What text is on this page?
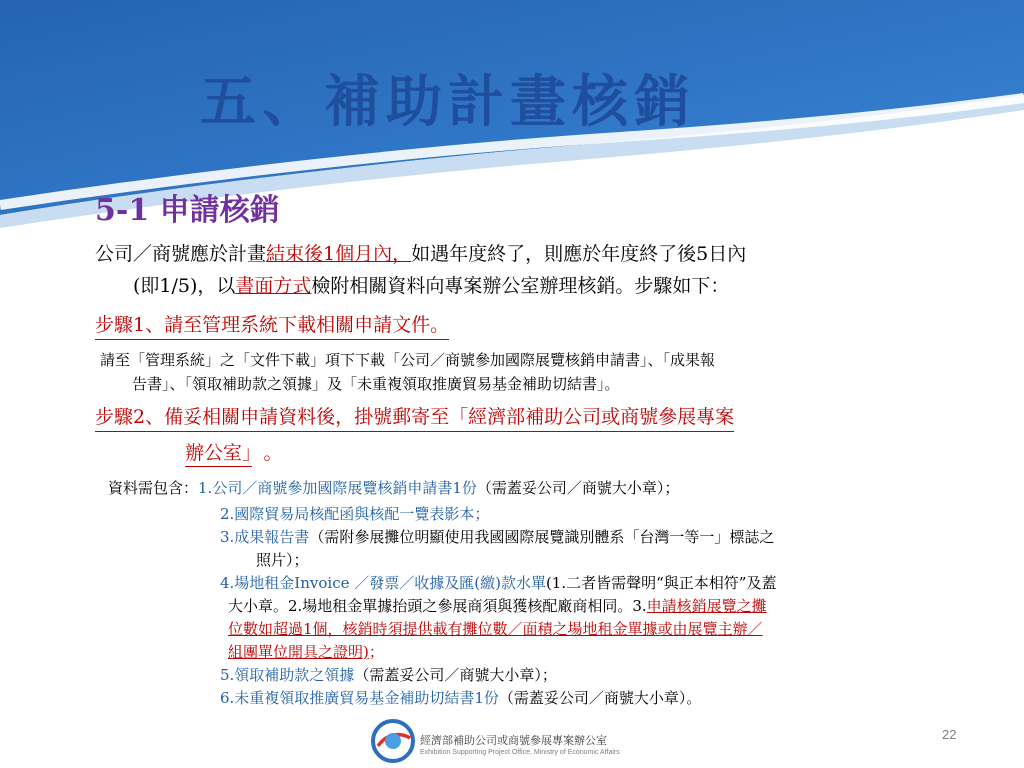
五、補助計畫核銷
5-1 申請核銷
公司／商號應於計畫結束後1個月內，如遇年度終了，則應於年度終了後5日內
(即1/5)，以書面方式檢附相關資料向專案辦公室辦理核銷。步驟如下：
步驟1、請至管理系統下載相關申請文件。
請至「管理系統」之「文件下載」項下下載「公司／商號參加國際展覽核銷申請書」、「成果報
告書」、「領取補助款之領據」及「未重複領取推廣貿易基金補助切結書」。
步驟2、備妥相關申請資料後，掛號郵寄至「經濟部補助公司或商號參展專案
辦公室」 。
資料需包含：1.公司／商號參加國際展覽核銷申請書1份（需蓋妥公司／商號大小章）；
2.國際貿易局核配函與核配一覽表影本；
3.成果報告書（需附參展攤位明顯使用我國國際展覽識別體系「台灣一等一」標誌之
照片）；
4.場地租金Invoice ／發票／收據及匯(繳)款水單(1.二者皆需聲明“與正本相符”及蓋
大小章。2.場地租金單據抬頭之參展商須與獲核配廠商相同。3.申請核銷展覽之攤
位數如超過1個，核銷時須提供載有攤位數／面積之場地租金單據或由展覽主辦／
組團單位開具之證明)；
5.領取補助款之領據（需蓋妥公司／商號大小章）；
6.未重複領取推廣貿易基金補助切結書1份（需蓋妥公司／商號大小章）。
經濟部補助公司或商號參展專案辦公室
Exhibition Supporting Project Office, Ministry of Economic Affairs
22
